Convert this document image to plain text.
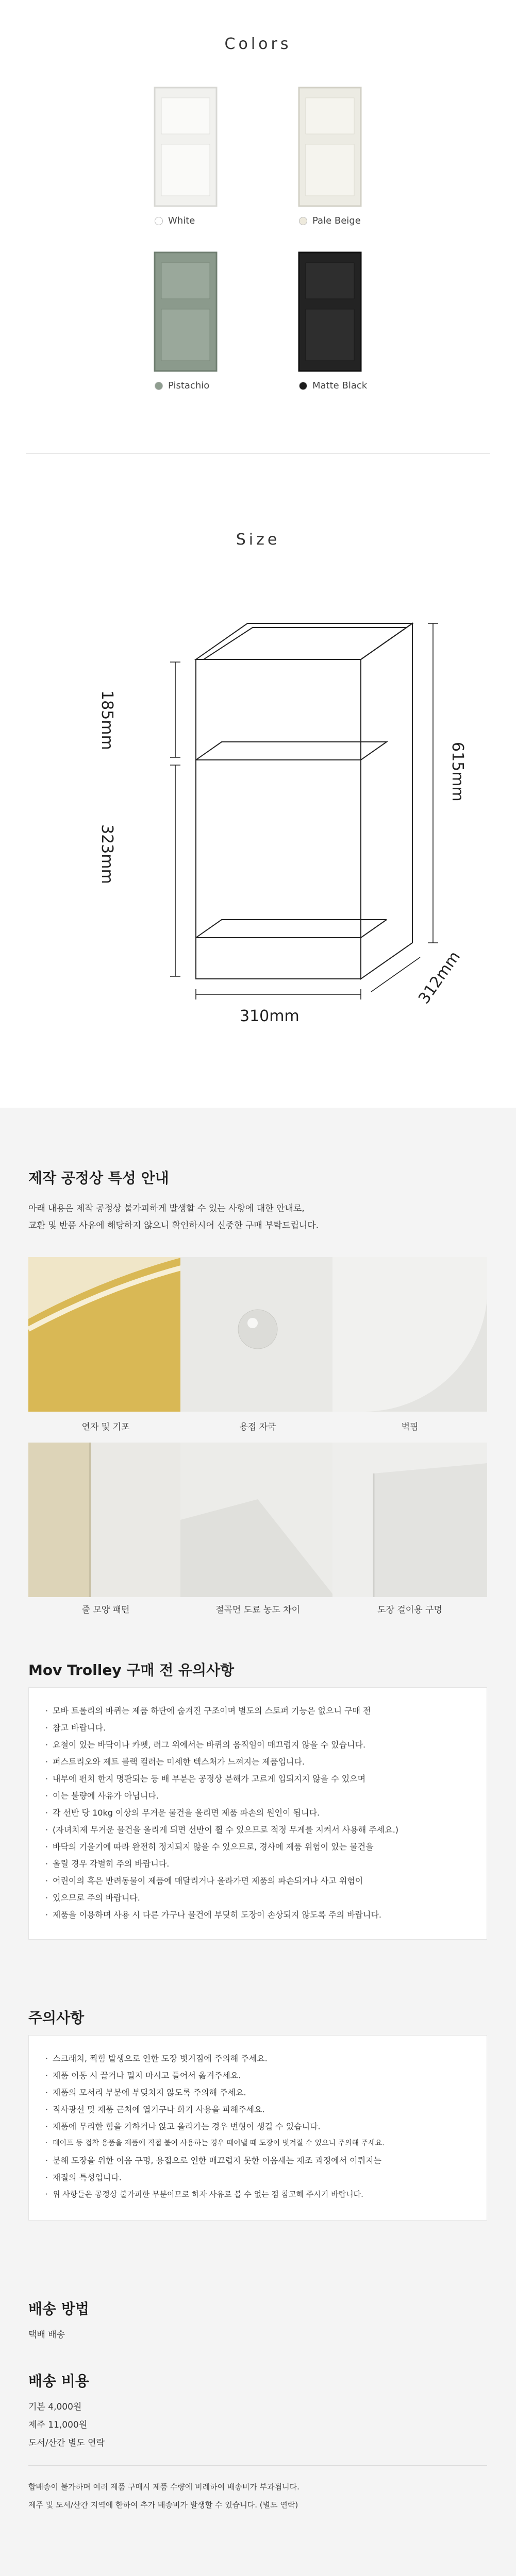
Colors
White	Pale Beige
Pistachio	Matte Black
Size
185mm
323mm
615mm
310mm
312mm
제작 공정상 특성 안내
아래 내용은 제작 공정상 불가피하게 발생할 수 있는 사항에 대한 안내로,
교환 및 반품 사유에 해당하지 않으니 확인하시어 신중한 구매 부탁드립니다.
연자 및 기포	용접 자국	벽핌
줄 모양 패턴	절곡면 도료 농도 차이	도장 걸이용 구멍
Mov Trolley 구매 전 유의사항
· 모바 트롤리의 바퀴는 제품 하단에 숨겨진 구조이며 별도의 스토퍼 기능은 없으니 구매 전
· 참고 바랍니다.
· 요철이 있는 바닥이나 카펫, 러그 위에서는 바퀴의 움직임이 매끄럽지 않을 수 있습니다.
· 퍼스트리오와 제트 블랙 컬러는 미세한 텍스처가 느껴지는 제품입니다.
· 내부에 펀치 한지 명판되는 등 배 부분은 공정상 분해가 고르게 입되지지 않을 수 있으며
· 이는 불량에 사유가 아닙니다.
· 각 선반 당 10kg 이상의 무거운 물건을 올리면 제품 파손의 원인이 됩니다.
· (자녀치제 무거운 물건을 올리게 되면 선반이 휠 수 있으므로 적정 무게를 지켜서 사용해 주세요.)
· 바닥의 기울기에 따라 완전히 정지되지 않을 수 있으므로, 경사에 제품 위험이 있는 물건을
· 올릴 경우 각별히 주의 바랍니다.
· 어린이의 혹은 반려동물이 제품에 매달리거나 올라가면 제품의 파손되거나 사고 위험이
· 있으므로 주의 바랍니다.
· 제품을 이용하며 사용 시 다른 가구나 물건에 부딪히 도장이 손상되지 않도록 주의 바랍니다.
주의사항
· 스크래치, 찍힘 발생으로 인한 도장 벗겨짐에 주의해 주세요.
· 제품 이동 시 끌거나 밀지 마시고 들어서 옮겨주세요.
· 제품의 모서리 부분에 부딪치지 않도록 주의해 주세요.
· 직사광선 및 제품 근처에 열기구나 화기 사용을 피해주세요.
· 제품에 무리한 힘을 가하거나 앉고 올라가는 경우 변형이 생길 수 있습니다.
· 테이프 등 접착 용품을 제품에 직접 붙여 사용하는 경우 떼어낼 때 도장이 벗겨질 수 있으니 주의해 주세요.
· 분해 도장을 위한 이음 구멍, 용접으로 인한 매끄럽지 못한 이음새는 제조 과정에서 이뤄지는
· 재질의 특성입니다.
· 위 사항들은 공정상 불가피한 부분이므로 하자 사유로 볼 수 없는 점 참고해 주시기 바랍니다.
배송 방법
택배 배송
배송 비용
기본 4,000원
제주 11,000원
도서/산간 별도 연락
합배송이 불가하며 여러 제품 구매시 제품 수량에 비례하여 배송비가 부과됩니다.
제주 및 도서/산간 지역에 한하여 추가 배송비가 발생할 수 있습니다. (별도 연락)
